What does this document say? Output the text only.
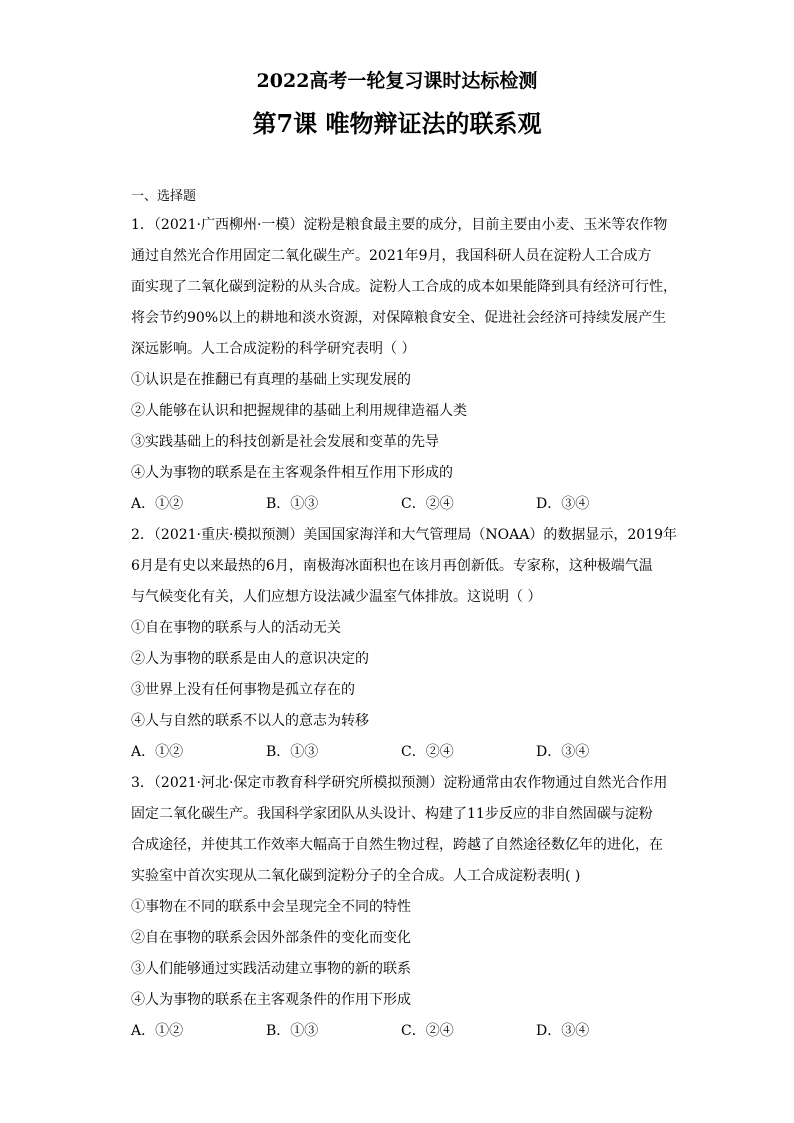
2022高考一轮复习课时达标检测
第7课 唯物辩证法的联系观
一、选择题
1．（2021·广西柳州·一模）淀粉是粮食最主要的成分，目前主要由小麦、玉米等农作物
通过自然光合作用固定二氧化碳生产。2021年9月，我国科研人员在淀粉人工合成方
面实现了二氧化碳到淀粉的从头合成。淀粉人工合成的成本如果能降到具有经济可行性，
将会节约90%以上的耕地和淡水资源，对保障粮食安全、促进社会经济可持续发展产生
深远影响。人工合成淀粉的科学研究表明（ ）
①认识是在推翻已有真理的基础上实现发展的
②人能够在认识和把握规律的基础上利用规律造福人类
③实践基础上的科技创新是社会发展和变革的先导
④人为事物的联系是在主客观条件相互作用下形成的
A．①②	B．①③	C．②④	D．③④
2．（2021·重庆·模拟预测）美国国家海洋和大气管理局（NOAA）的数据显示，2019年
6月是有史以来最热的6月，南极海冰面积也在该月再创新低。专家称，这种极端气温
与气候变化有关，人们应想方设法减少温室气体排放。这说明（ ）
①自在事物的联系与人的活动无关
②人为事物的联系是由人的意识决定的
③世界上没有任何事物是孤立存在的
④人与自然的联系不以人的意志为转移
A．①②	B．①③	C．②④	D．③④
3．（2021·河北·保定市教育科学研究所模拟预测）淀粉通常由农作物通过自然光合作用
固定二氧化碳生产。我国科学家团队从头设计、构建了11步反应的非自然固碳与淀粉
合成途径，并使其工作效率大幅高于自然生物过程，跨越了自然途径数亿年的进化，在
实验室中首次实现从二氧化碳到淀粉分子的全合成。人工合成淀粉表明( )
①事物在不同的联系中会呈现完全不同的特性
②自在事物的联系会因外部条件的变化而变化
③人们能够通过实践活动建立事物的新的联系
④人为事物的联系在主客观条件的作用下形成
A．①②	B．①③	C．②④	D．③④
